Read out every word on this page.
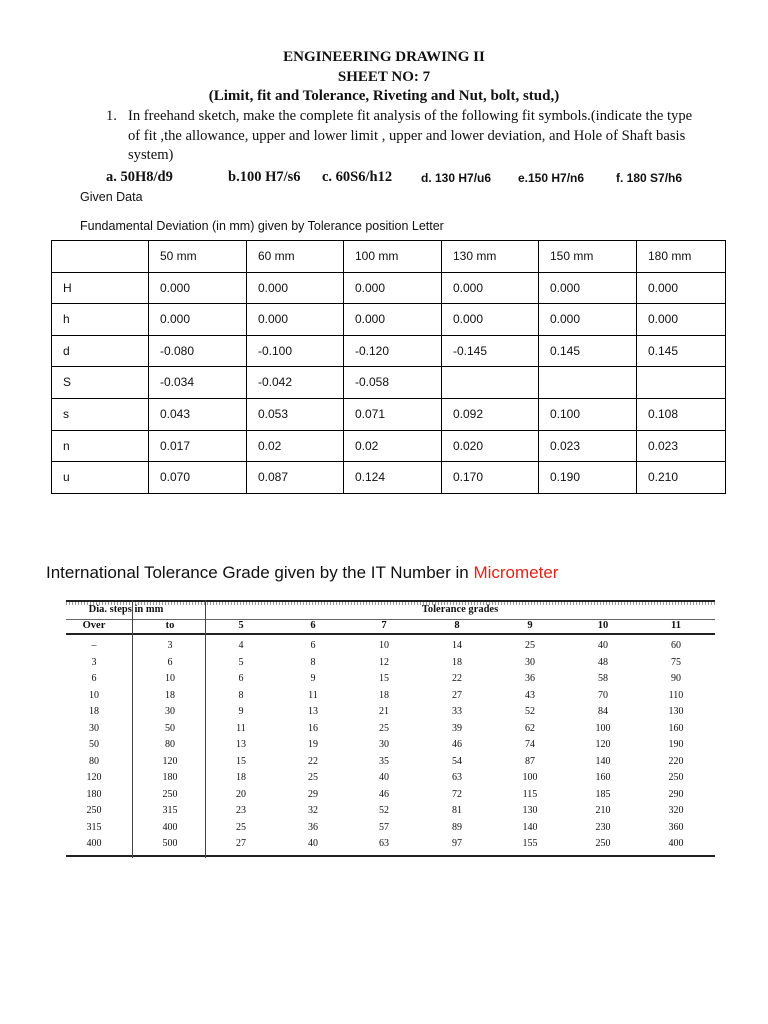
ENGINEERING DRAWING II
SHEET NO: 7
(Limit, fit and Tolerance, Riveting and Nut, bolt, stud,)
1. In freehand sketch, make the complete fit analysis of the following fit symbols.(indicate the type of fit ,the allowance, upper and lower limit , upper and lower deviation, and Hole of Shaft basis system)
a. 50H8/d9	b.100 H7/s6 c. 60S6/h12 d. 130 H7/u6 e.150 H7/n6	f. 180 S7/h6
Given Data
Fundamental Deviation (in mm) given by Tolerance position Letter
	50 mm	60 mm	100 mm	130 mm	150 mm	180 mm
H	0.000	0.000	0.000	0.000	0.000	0.000
h	0.000	0.000	0.000	0.000	0.000	0.000
d	-0.080	-0.100	-0.120	-0.145	0.145	0.145
S	-0.034	-0.042	-0.058			
s	0.043	0.053	0.071	0.092	0.100	0.108
n	0.017	0.02	0.02	0.020	0.023	0.023
u	0.070	0.087	0.124	0.170	0.190	0.210
International Tolerance Grade given by the IT Number in Micrometer
Dia. steps in mm	Tolerance grades
Over	to	5	6	7	8	9	10	11
–	3	4	6	10	14	25	40	60
3	6	5	8	12	18	30	48	75
6	10	6	9	15	22	36	58	90
10	18	8	11	18	27	43	70	110
18	30	9	13	21	33	52	84	130
30	50	11	16	25	39	62	100	160
50	80	13	19	30	46	74	120	190
80	120	15	22	35	54	87	140	220
120	180	18	25	40	63	100	160	250
180	250	20	29	46	72	115	185	290
250	315	23	32	52	81	130	210	320
315	400	25	36	57	89	140	230	360
400	500	27	40	63	97	155	250	400
